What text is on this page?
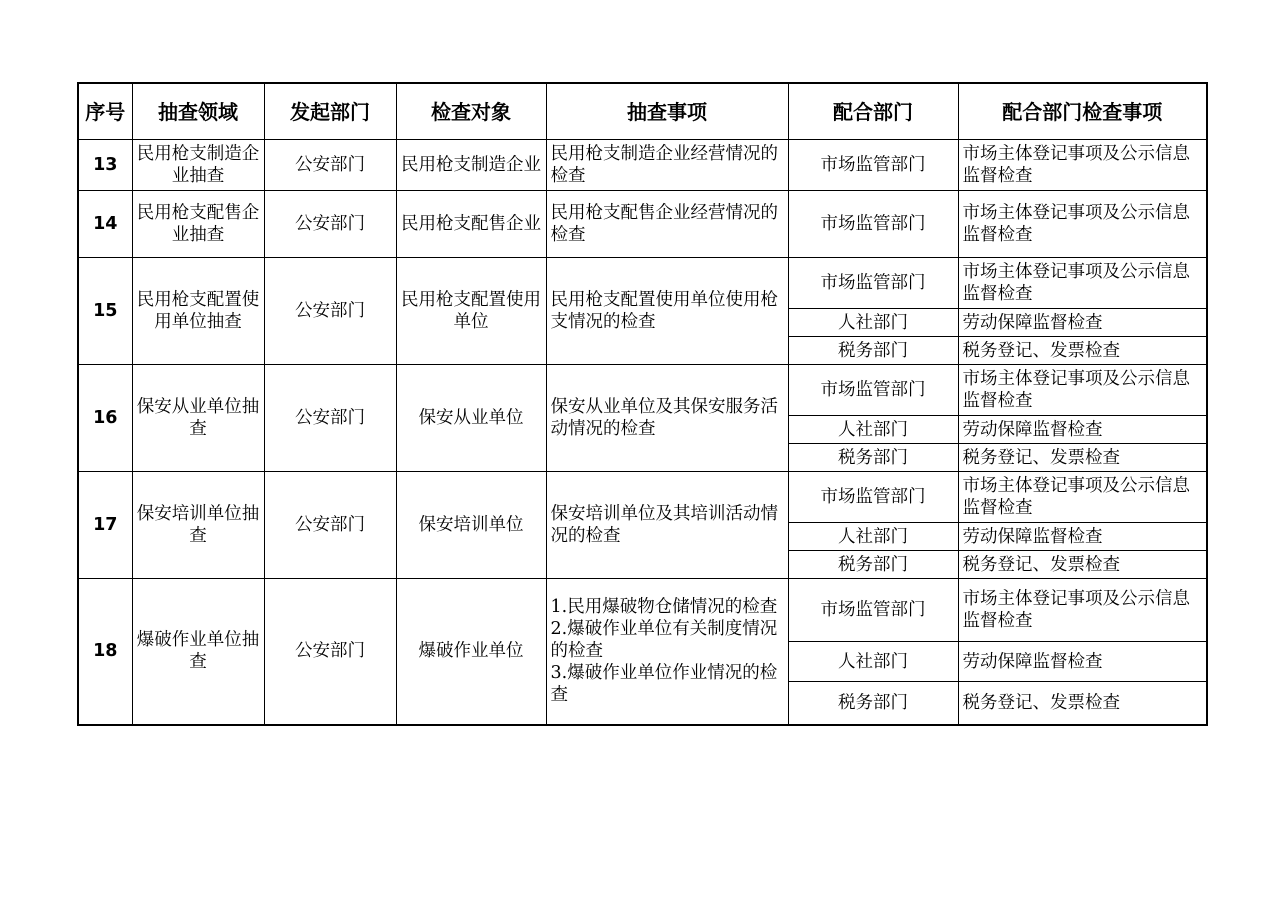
序号	抽查领域	发起部门	检查对象	抽查事项	配合部门	配合部门检查事项
13	民用枪支制造企业抽查	公安部门	民用枪支制造企业	民用枪支制造企业经营情况的检查	市场监管部门	市场主体登记事项及公示信息监督检查
14	民用枪支配售企业抽查	公安部门	民用枪支配售企业	民用枪支配售企业经营情况的检查	市场监管部门	市场主体登记事项及公示信息监督检查
15	民用枪支配置使用单位抽查	公安部门	民用枪支配置使用单位	民用枪支配置使用单位使用枪支情况的检查	市场监管部门	市场主体登记事项及公示信息监督检查
					人社部门	劳动保障监督检查
					税务部门	税务登记、发票检查
16	保安从业单位抽查	公安部门	保安从业单位	保安从业单位及其保安服务活动情况的检查	市场监管部门	市场主体登记事项及公示信息监督检查
					人社部门	劳动保障监督检查
					税务部门	税务登记、发票检查
17	保安培训单位抽查	公安部门	保安培训单位	保安培训单位及其培训活动情况的检查	市场监管部门	市场主体登记事项及公示信息监督检查
					人社部门	劳动保障监督检查
					税务部门	税务登记、发票检查
18	爆破作业单位抽查	公安部门	爆破作业单位	1.民用爆破物仓储情况的检查
2.爆破作业单位有关制度情况的检查
3.爆破作业单位作业情况的检查	市场监管部门	市场主体登记事项及公示信息监督检查
					人社部门	劳动保障监督检查
					税务部门	税务登记、发票检查
